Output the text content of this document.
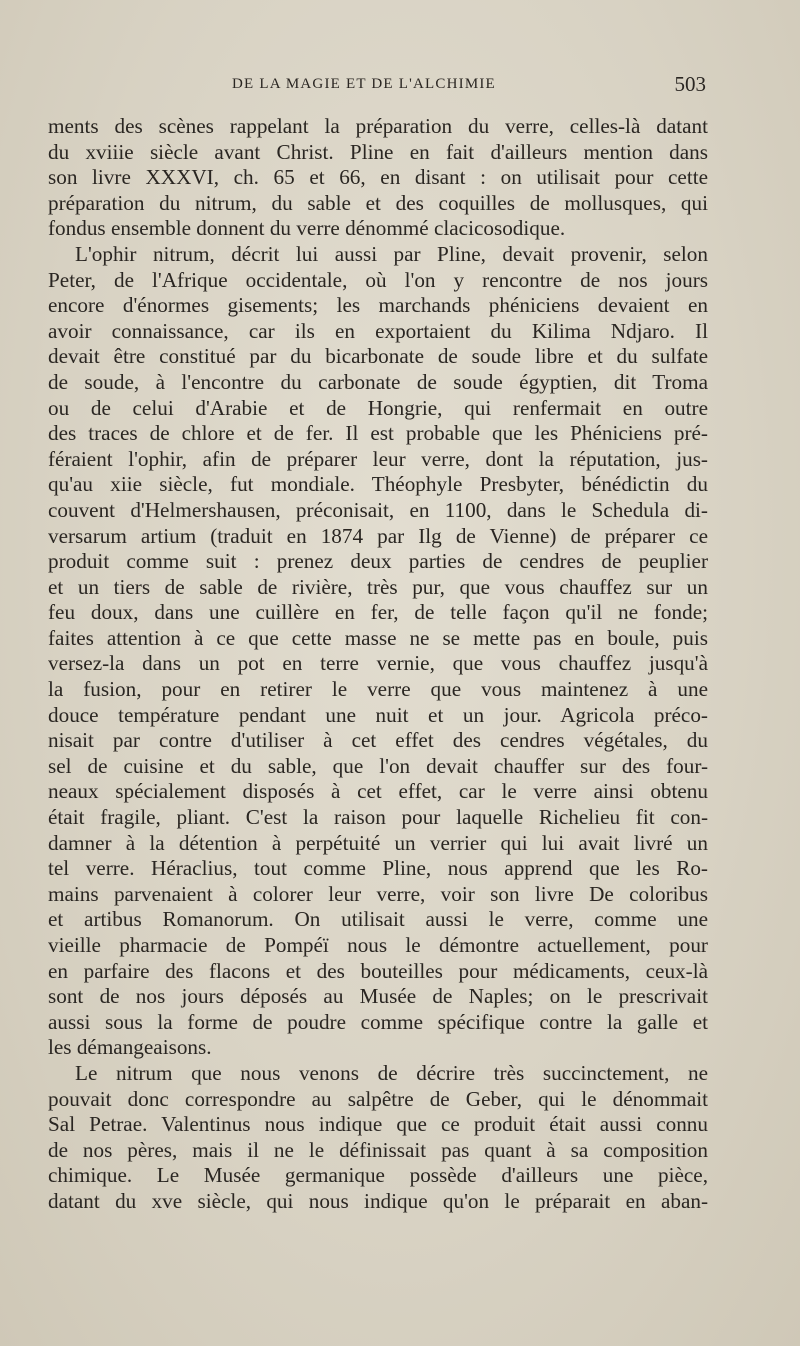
DE LA MAGIE ET DE L'ALCHIMIE	503
ments des scènes rappelant la préparation du verre, celles-là datant
du xviiie siècle avant Christ. Pline en fait d'ailleurs mention dans
son livre XXXVI, ch. 65 et 66, en disant : on utilisait pour cette
préparation du nitrum, du sable et des coquilles de mollusques, qui
fondus ensemble donnent du verre dénommé clacicosodique.
L'ophir nitrum, décrit lui aussi par Pline, devait provenir, selon
Peter, de l'Afrique occidentale, où l'on y rencontre de nos jours
encore d'énormes gisements; les marchands phéniciens devaient en
avoir connaissance, car ils en exportaient du Kilima Ndjaro. Il
devait être constitué par du bicarbonate de soude libre et du sulfate
de soude, à l'encontre du carbonate de soude égyptien, dit Troma
ou de celui d'Arabie et de Hongrie, qui renfermait en outre
des traces de chlore et de fer. Il est probable que les Phéniciens pré-
féraient l'ophir, afin de préparer leur verre, dont la réputation, jus-
qu'au xiie siècle, fut mondiale. Théophyle Presbyter, bénédictin du
couvent d'Helmershausen, préconisait, en 1100, dans le Schedula di-
versarum artium (traduit en 1874 par Ilg de Vienne) de préparer ce
produit comme suit : prenez deux parties de cendres de peuplier
et un tiers de sable de rivière, très pur, que vous chauffez sur un
feu doux, dans une cuillère en fer, de telle façon qu'il ne fonde;
faites attention à ce que cette masse ne se mette pas en boule, puis
versez-la dans un pot en terre vernie, que vous chauffez jusqu'à
la fusion, pour en retirer le verre que vous maintenez à une
douce température pendant une nuit et un jour. Agricola préco-
nisait par contre d'utiliser à cet effet des cendres végétales, du
sel de cuisine et du sable, que l'on devait chauffer sur des four-
neaux spécialement disposés à cet effet, car le verre ainsi obtenu
était fragile, pliant. C'est la raison pour laquelle Richelieu fit con-
damner à la détention à perpétuité un verrier qui lui avait livré un
tel verre. Héraclius, tout comme Pline, nous apprend que les Ro-
mains parvenaient à colorer leur verre, voir son livre De coloribus
et artibus Romanorum. On utilisait aussi le verre, comme une
vieille pharmacie de Pompéï nous le démontre actuellement, pour
en parfaire des flacons et des bouteilles pour médicaments, ceux-là
sont de nos jours déposés au Musée de Naples; on le prescrivait
aussi sous la forme de poudre comme spécifique contre la galle et
les démangeaisons.
Le nitrum que nous venons de décrire très succinctement, ne
pouvait donc correspondre au salpêtre de Geber, qui le dénommait
Sal Petrae. Valentinus nous indique que ce produit était aussi connu
de nos pères, mais il ne le définissait pas quant à sa composition
chimique. Le Musée germanique possède d'ailleurs une pièce,
datant du xve siècle, qui nous indique qu'on le préparait en aban-
